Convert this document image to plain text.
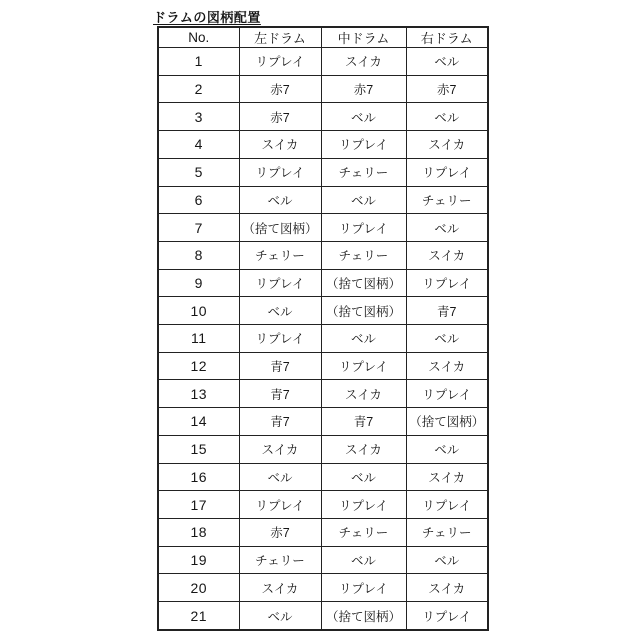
ドラムの図柄配置
No.	左ドラム	中ドラム	右ドラム
1	リプレイ	スイカ	ベル
2	赤7	赤7	赤7
3	赤7	ベル	ベル
4	スイカ	リプレイ	スイカ
5	リプレイ	チェリー	リプレイ
6	ベル	ベル	チェリー
7	（捨て図柄）	リプレイ	ベル
8	チェリー	チェリー	スイカ
9	リプレイ	（捨て図柄）	リプレイ
10	ベル	（捨て図柄）	青7
11	リプレイ	ベル	ベル
12	青7	リプレイ	スイカ
13	青7	スイカ	リプレイ
14	青7	青7	（捨て図柄）
15	スイカ	スイカ	ベル
16	ベル	ベル	スイカ
17	リプレイ	リプレイ	リプレイ
18	赤7	チェリー	チェリー
19	チェリー	ベル	ベル
20	スイカ	リプレイ	スイカ
21	ベル	（捨て図柄）	リプレイ
